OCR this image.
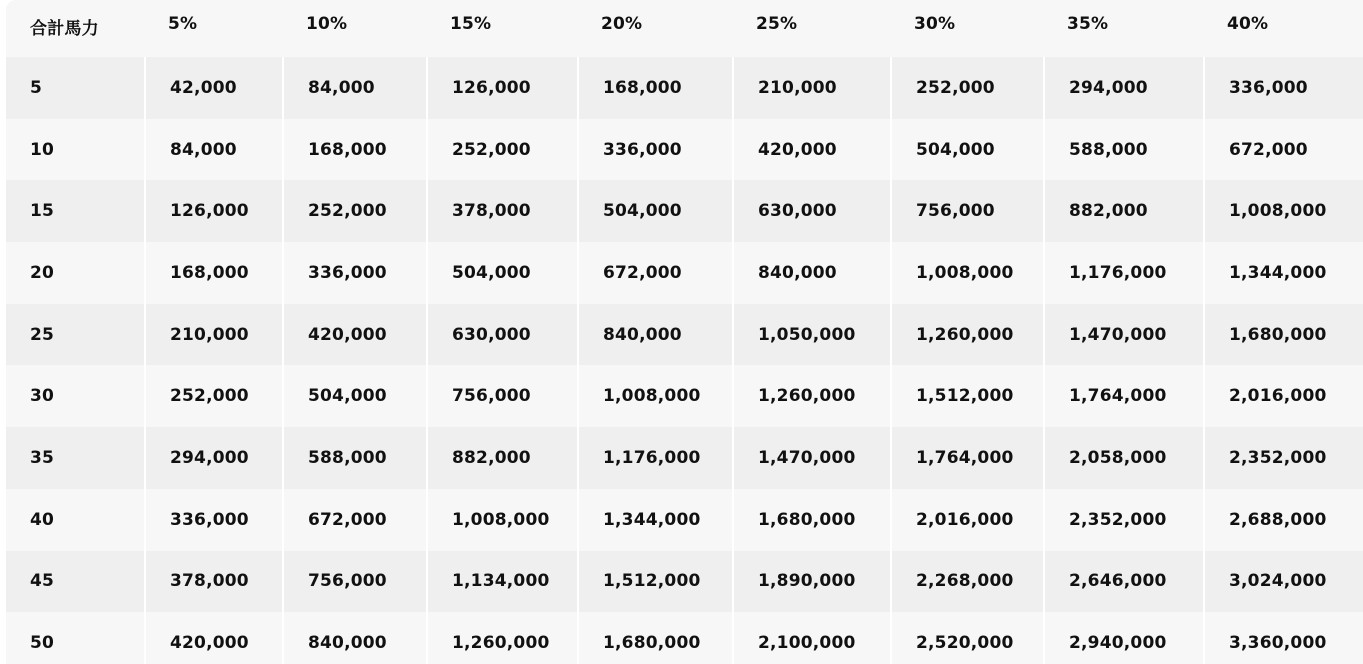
合計馬力	5%	10%	15%	20%	25%	30%	35%	40%
5	42,000	84,000	126,000	168,000	210,000	252,000	294,000	336,000
10	84,000	168,000	252,000	336,000	420,000	504,000	588,000	672,000
15	126,000	252,000	378,000	504,000	630,000	756,000	882,000	1,008,000
20	168,000	336,000	504,000	672,000	840,000	1,008,000	1,176,000	1,344,000
25	210,000	420,000	630,000	840,000	1,050,000	1,260,000	1,470,000	1,680,000
30	252,000	504,000	756,000	1,008,000	1,260,000	1,512,000	1,764,000	2,016,000
35	294,000	588,000	882,000	1,176,000	1,470,000	1,764,000	2,058,000	2,352,000
40	336,000	672,000	1,008,000	1,344,000	1,680,000	2,016,000	2,352,000	2,688,000
45	378,000	756,000	1,134,000	1,512,000	1,890,000	2,268,000	2,646,000	3,024,000
50	420,000	840,000	1,260,000	1,680,000	2,100,000	2,520,000	2,940,000	3,360,000
